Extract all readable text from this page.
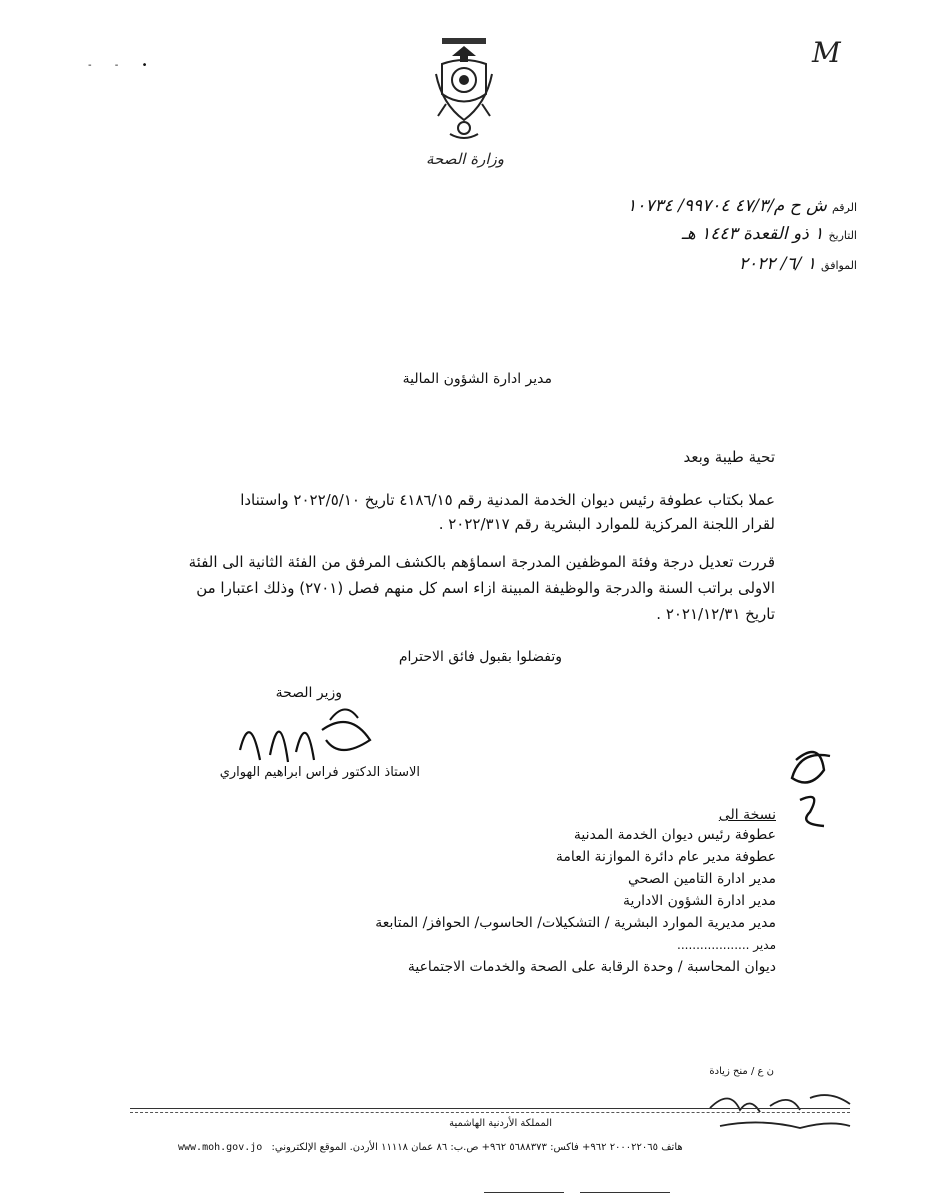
M
- - •
وزارة الصحة
الرقم ش ح م/٤٧/٣ ٩٩٧٠٤/ ١٠٧٣٤
التاريخ ١ ذو القعدة ١٤٤٣ هـ
الموافق ١ /٦/ ٢٠٢٢
مدير ادارة الشؤون المالية
تحية طيبة وبعد
عملا بكتاب عطوفة رئيس ديوان الخدمة المدنية رقم ٤١٨٦/١٥ تاريخ ٢٠٢٢/٥/١٠ واستنادا
لقرار اللجنة المركزية للموارد البشرية رقم ٢٠٢٢/٣١٧ .
قررت تعديل درجة وفئة الموظفين المدرجة اسماؤهم بالكشف المرفق من الفئة الثانية الى الفئة
الاولى براتب السنة والدرجة والوظيفة المبينة ازاء اسم كل منهم فصل (٢٧٠١) وذلك اعتبارا من
تاريخ ٢٠٢١/١٢/٣١ .
وتفضلوا بقبول فائق الاحترام
وزير الصحة
الاستاذ الدكتور فراس ابراهيم الهواري
نسخة الى
عطوفة رئيس ديوان الخدمة المدنية
عطوفة مدير عام دائرة الموازنة العامة
مدير ادارة التامين الصحي
مدير ادارة الشؤون الادارية
مدير مديرية الموارد البشرية / التشكيلات/ الحاسوب/ الحوافز/ المتابعة
مدير ...................
ديوان المحاسبة / وحدة الرقابة على الصحة والخدمات الاجتماعية
ن ع / منح زيادة
المملكة الأردنية الهاشمية
www.moh.gov.jo هاتف ٢٠٠٠٢٢٠٦٥ ٩٦٢+ فاكس: ٥٦٨٨٣٧٣ ٩٦٢+ ص.ب: ٨٦ عمان ١١١١٨ الأردن. الموقع الإلكتروني:
